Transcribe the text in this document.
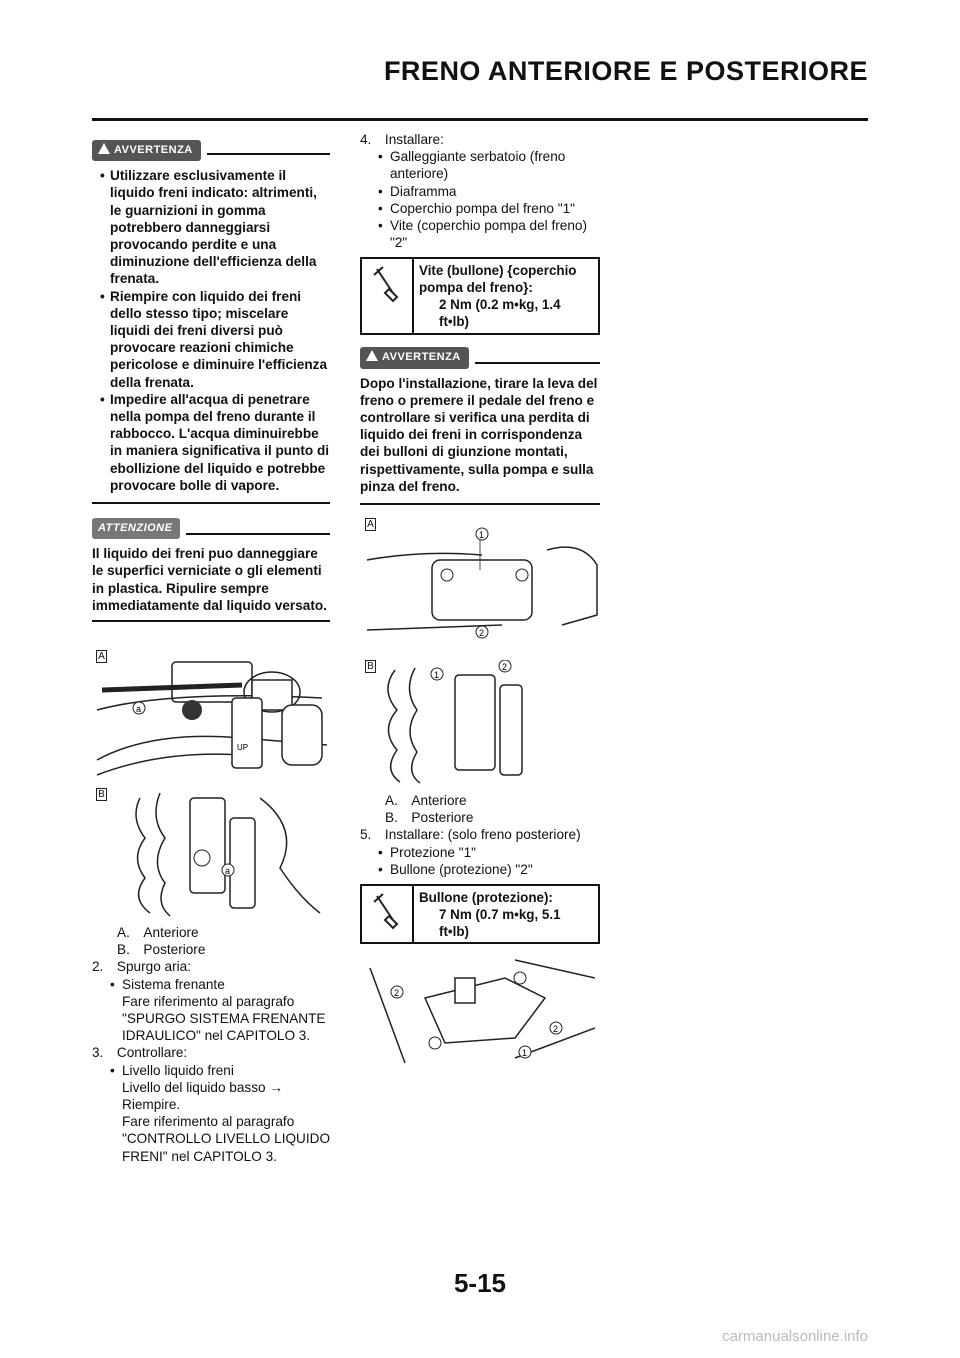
FRENO ANTERIORE E POSTERIORE
AVVERTENZA
• Utilizzare esclusivamente il liquido freni indicato: altrimenti, le guarnizioni in gomma potrebbero danneggiarsi provocando perdite e una diminuzione dell'efficienza della frenata.
• Riempire con liquido dei freni dello stesso tipo; miscelare liquidi dei freni diversi può provocare reazioni chimiche pericolose e diminuire l'efficienza della frenata.
• Impedire all'acqua di penetrare nella pompa del freno durante il rabbocco. L'acqua diminuirebbe in maniera significativa il punto di ebollizione del liquido e potrebbe provocare bolle di vapore.
ATTENZIONE
Il liquido dei freni puo danneggiare le superfici verniciate o gli elementi in plastica. Ripulire sempre immediatamente dal liquido versato.
A
a
UP
B
a
A. Anteriore
B. Posteriore
2. Spurgo aria:
• Sistema frenante
Fare riferimento al paragrafo "SPURGO SISTEMA FRENANTE IDRAULICO" nel CAPITOLO 3.
3. Controllare:
• Livello liquido freni
Livello del liquido basso → Riempire.
Fare riferimento al paragrafo "CONTROLLO LIVELLO LIQUIDO FRENI" nel CAPITOLO 3.
4. Installare:
• Galleggiante serbatoio (freno anteriore)
• Diaframma
• Coperchio pompa del freno "1"
• Vite (coperchio pompa del freno) "2"
Vite (bullone) {coperchio
pompa del freno}:
2 Nm (0.2 m•kg, 1.4
ft•lb)
AVVERTENZA
Dopo l'installazione, tirare la leva del freno o premere il pedale del freno e controllare si verifica una perdita di liquido dei freni in corrispondenza dei bulloni di giunzione montati, rispettivamente, sulla pompa e sulla pinza del freno.
A
1
2
B
1
2
A. Anteriore
B. Posteriore
5. Installare: (solo freno posteriore)
• Protezione "1"
• Bullone (protezione) "2"
Bullone (protezione):
7 Nm (0.7 m•kg, 5.1
ft•lb)
2
2
1
5-15
carmanualsonline.info
